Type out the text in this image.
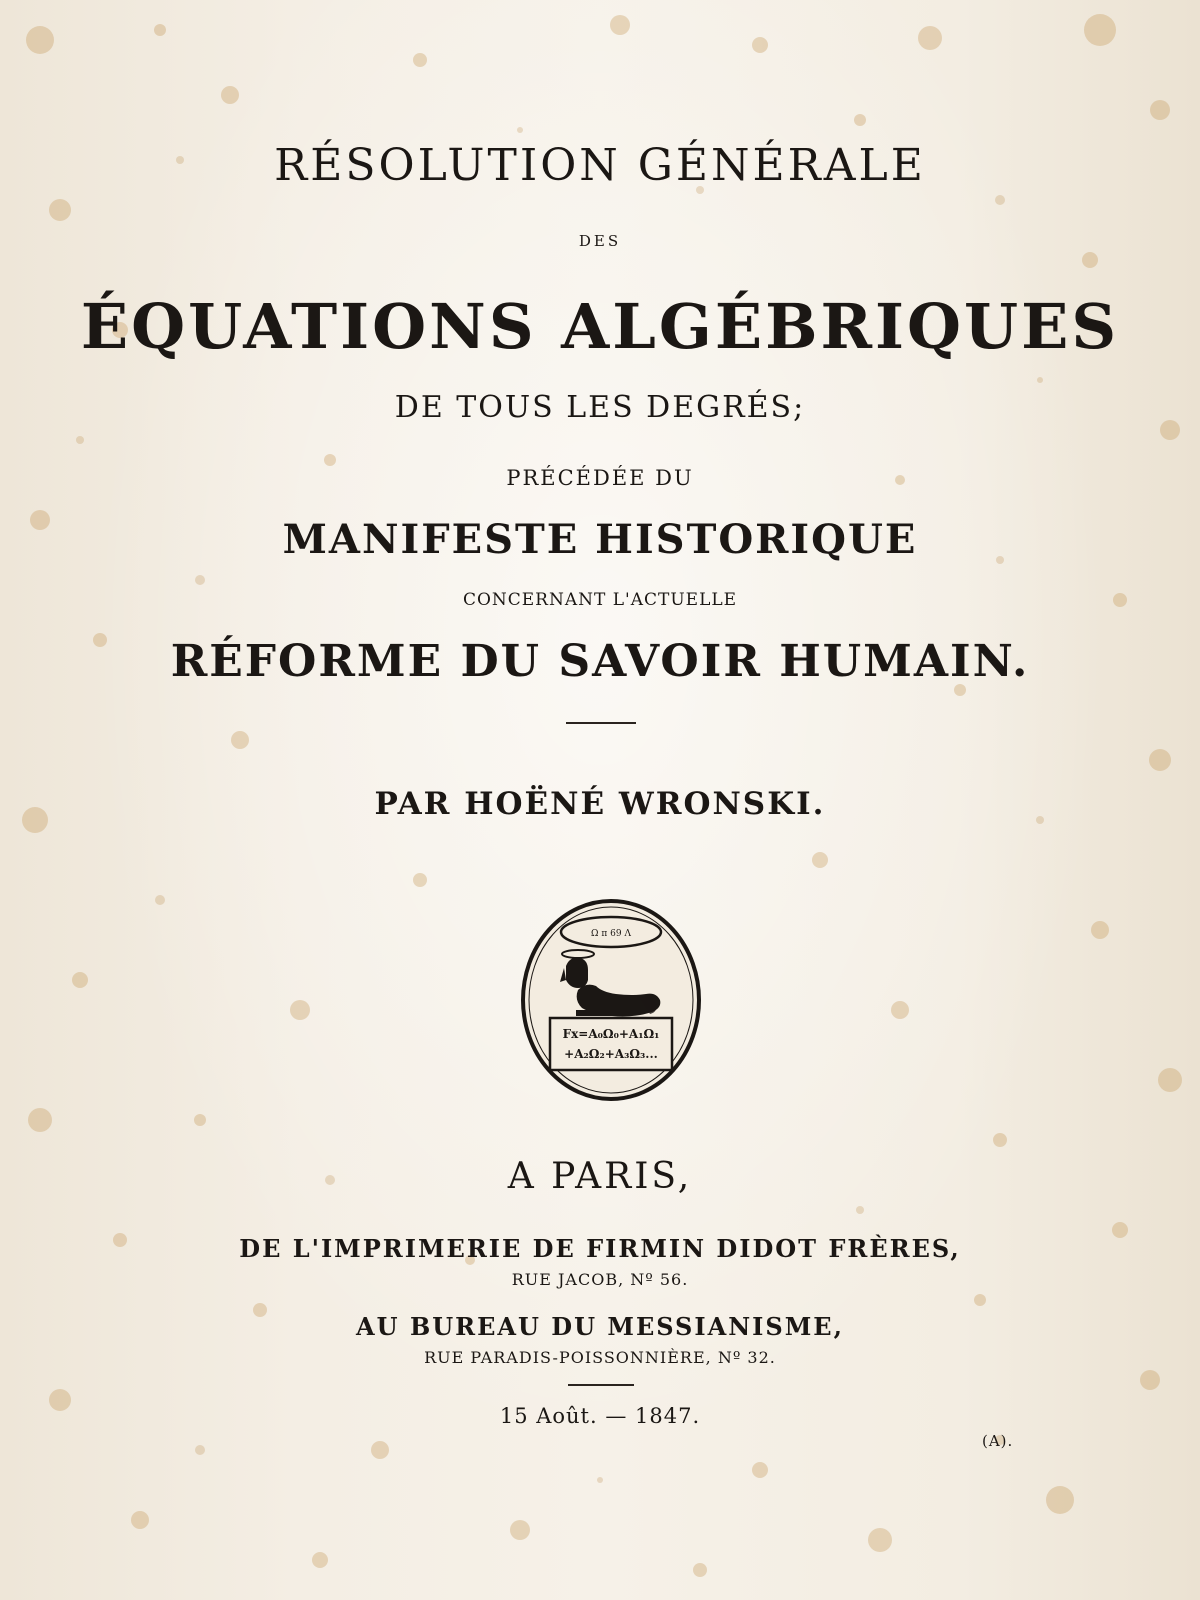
RÉSOLUTION GÉNÉRALE
DES
ÉQUATIONS ALGÉBRIQUES
DE TOUS LES DEGRÉS;
PRÉCÉDÉE DU
MANIFESTE HISTORIQUE
CONCERNANT L'ACTUELLE
RÉFORME DU SAVOIR HUMAIN.
PAR HOËNÉ WRONSKI.
Ω π 69 Λ
Fx=A₀Ω₀+A₁Ω₁
+A₂Ω₂+A₃Ω₃...
A PARIS,
DE L'IMPRIMERIE DE FIRMIN DIDOT FRÈRES,
RUE JACOB, Nº 56.
AU BUREAU DU MESSIANISME,
RUE PARADIS-POISSONNIÈRE, Nº 32.
15 Août. — 1847.
(A).
